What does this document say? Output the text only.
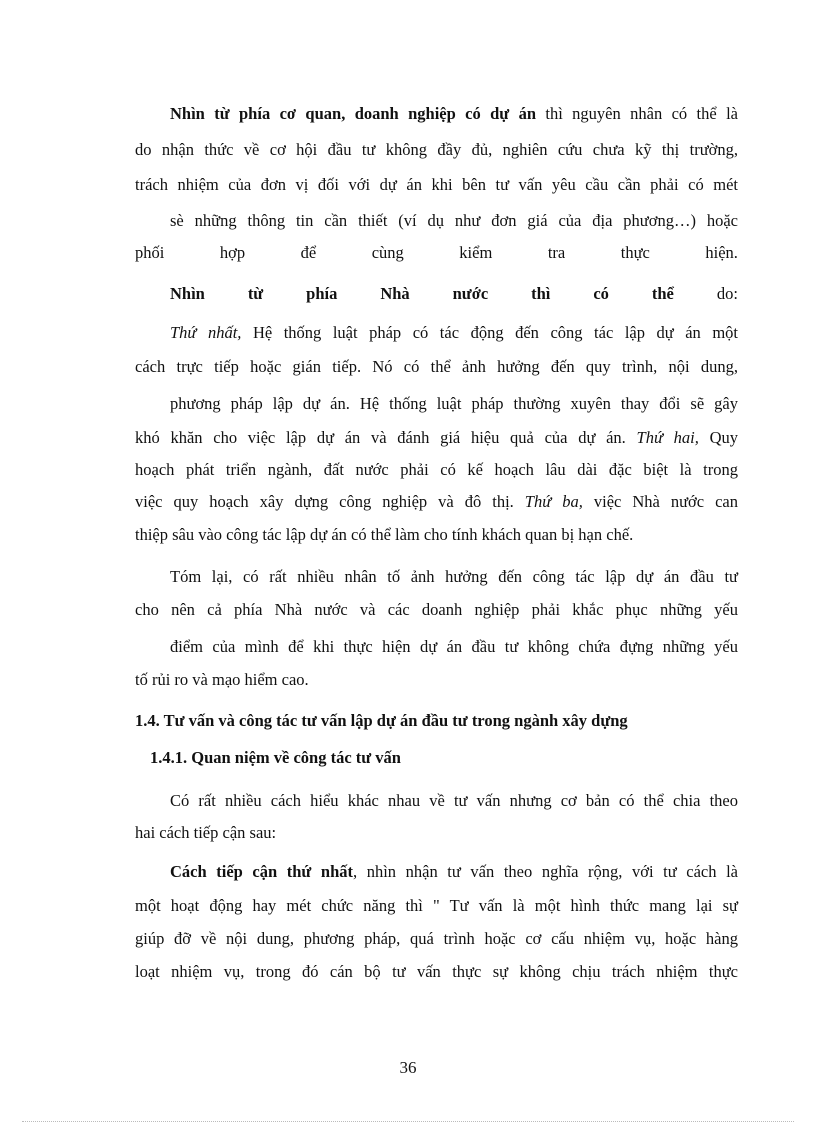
Nhìn từ phía cơ quan, doanh nghiệp có dự án thì nguyên nhân có thể là
do nhận thức về cơ hội đầu tư không đầy đủ, nghiên cứu chưa kỹ thị trường,
trách nhiệm của đơn vị đối với dự án khi bên tư vấn yêu cầu cần phải có mét
sè những thông tin cần thiết (ví dụ như đơn giá của địa phương…) hoặc
phối	hợp	để	cùng	kiểm	tra	thực	hiện.
Nhìn	từ	phía	Nhà	nước	thì	có	thể	do:
Thứ nhất, Hệ thống luật pháp có tác động đến công tác lập dự án một
cách trực tiếp hoặc gián tiếp. Nó có thể ảnh hưởng đến quy trình, nội dung,
phương pháp lập dự án. Hệ thống luật pháp thường xuyên thay đổi sẽ gây
khó khăn cho việc lập dự án và đánh giá hiệu quả của dự án. Thứ hai, Quy
hoạch phát triển ngành, đất nước phải có kế hoạch lâu dài đặc biệt là trong
việc quy hoạch xây dựng công nghiệp và đô thị. Thứ ba, việc Nhà nước can
thiệp sâu vào công tác lập dự án có thể làm cho tính khách quan bị hạn chế.
Tóm lại, có rất nhiều nhân tố ảnh hưởng đến công tác lập dự án đầu tư
cho nên cả phía Nhà nước và các doanh nghiệp phải khắc phục những yếu
điểm của mình để khi thực hiện dự án đầu tư không chứa đựng những yếu
tố rủi ro và mạo hiểm cao.
1.4. Tư vấn và công tác tư vấn lập dự án đầu tư trong ngành xây dựng
1.4.1. Quan niệm về công tác tư vấn
Có rất nhiều cách hiểu khác nhau về tư vấn nhưng cơ bản có thể chia theo
hai cách tiếp cận sau:
Cách tiếp cận thứ nhất, nhìn nhận tư vấn theo nghĩa rộng, với tư cách là
một hoạt động hay mét chức năng thì " Tư vấn là một hình thức mang lại sự
giúp đỡ về nội dung, phương pháp, quá trình hoặc cơ cấu nhiệm vụ, hoặc hàng
loạt nhiệm vụ, trong đó cán bộ tư vấn thực sự không chịu trách nhiệm thực
36
